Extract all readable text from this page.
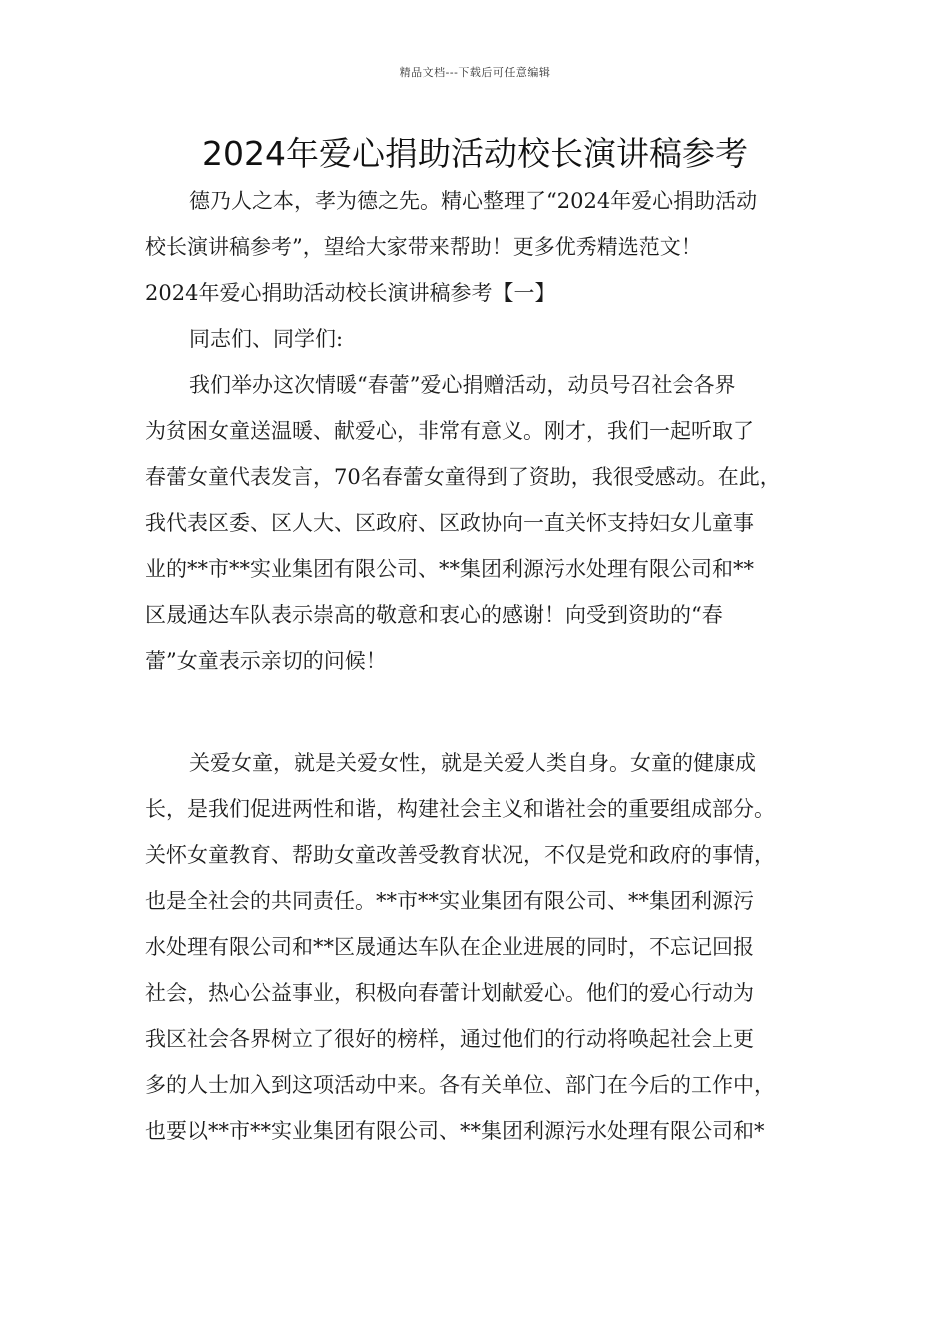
精品文档---下载后可任意编辑
2024年爱心捐助活动校长演讲稿参考

德乃人之本，孝为德之先。精心整理了“2024年爱心捐助活动

校长演讲稿参考”，望给大家带来帮助！更多优秀精选范文！

2024年爱心捐助活动校长演讲稿参考【一】

同志们、同学们:

我们举办这次情暖“春蕾”爱心捐赠活动，动员号召社会各界

为贫困女童送温暖、献爱心，非常有意义。刚才，我们一起听取了

春蕾女童代表发言，70名春蕾女童得到了资助，我很受感动。在此，

我代表区委、区人大、区政府、区政协向一直关怀支持妇女儿童事

业的**市**实业集团有限公司、**集团利源污水处理有限公司和**

区晟通达车队表示崇高的敬意和衷心的感谢！向受到资助的“春

蕾”女童表示亲切的问候！

关爱女童，就是关爱女性，就是关爱人类自身。女童的健康成

长，是我们促进两性和谐，构建社会主义和谐社会的重要组成部分。

关怀女童教育、帮助女童改善受教育状况，不仅是党和政府的事情，

也是全社会的共同责任。**市**实业集团有限公司、**集团利源污

水处理有限公司和**区晟通达车队在企业进展的同时，不忘记回报

社会，热心公益事业，积极向春蕾计划献爱心。他们的爱心行动为

我区社会各界树立了很好的榜样，通过他们的行动将唤起社会上更

多的人士加入到这项活动中来。各有关单位、部门在今后的工作中，

也要以**市**实业集团有限公司、**集团利源污水处理有限公司和*
